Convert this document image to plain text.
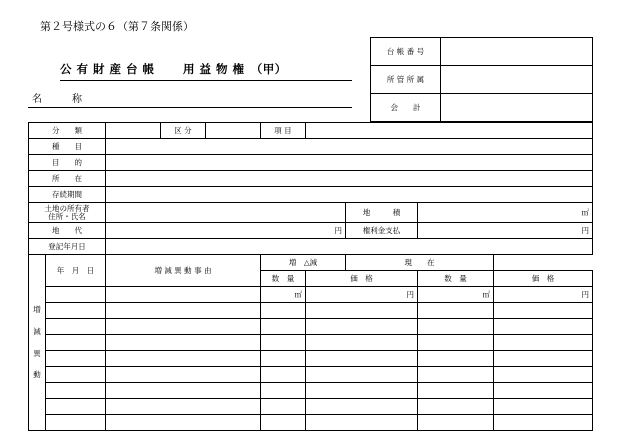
第２号様式の６（第７条関係）
公 有 財 産 台 帳　　 用 益 物 権　（甲）
名　称
台 帳 番 号	
所 管 所 属	
会　　計	
分　　類			区 分		項 目				
種　　目									
目　　的									
所　　在									
存続期間									
土地の所有者
住所・氏名							地　　　積	㎡	
地　　代		円					権利金支払	円	
登記年月日									
増
減
異
動	年　月　日	増 減 異 動 事 由			増　△減		現　　在		
					数　量	価　格		数　量	価　格
					㎡	円		㎡	円
